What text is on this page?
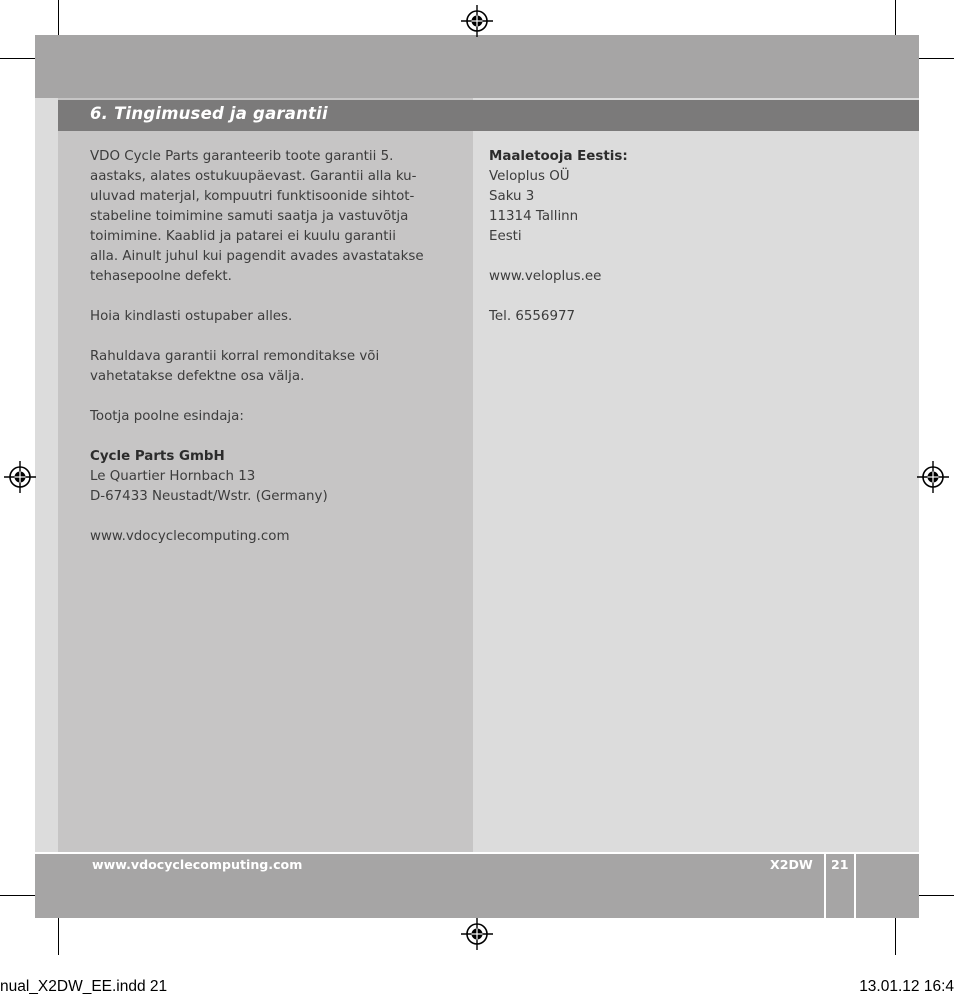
6. Tingimused ja garantii

VDO Cycle Parts garanteerib toote garantii 5.

aastaks, alates ostukuupäevast. Garantii alla ku-

uluvad materjal, kompuutri funktisoonide sihtot-

stabeline toimimine samuti saatja ja vastuvõtja

toimimine. Kaablid ja patarei ei kuulu garantii

alla. Ainult juhul kui pagendit avades avastatakse

tehasepoolne defekt.

Hoia kindlasti ostupaber alles.

Rahuldava garantii korral remonditakse või

vahetatakse defektne osa välja.

Tootja poolne esindaja:

Cycle Parts GmbH

Le Quartier Hornbach 13

D-67433 Neustadt/Wstr. (Germany)

www.vdocyclecomputing.com

Maaletooja Eestis:

Veloplus OÜ

Saku 3

11314 Tallinn

Eesti

www.veloplus.ee

Tel. 6556977

www.vdocyclecomputing.com	X2DW 21
nual_X2DW_EE.indd 21	13.01.12 16:4
